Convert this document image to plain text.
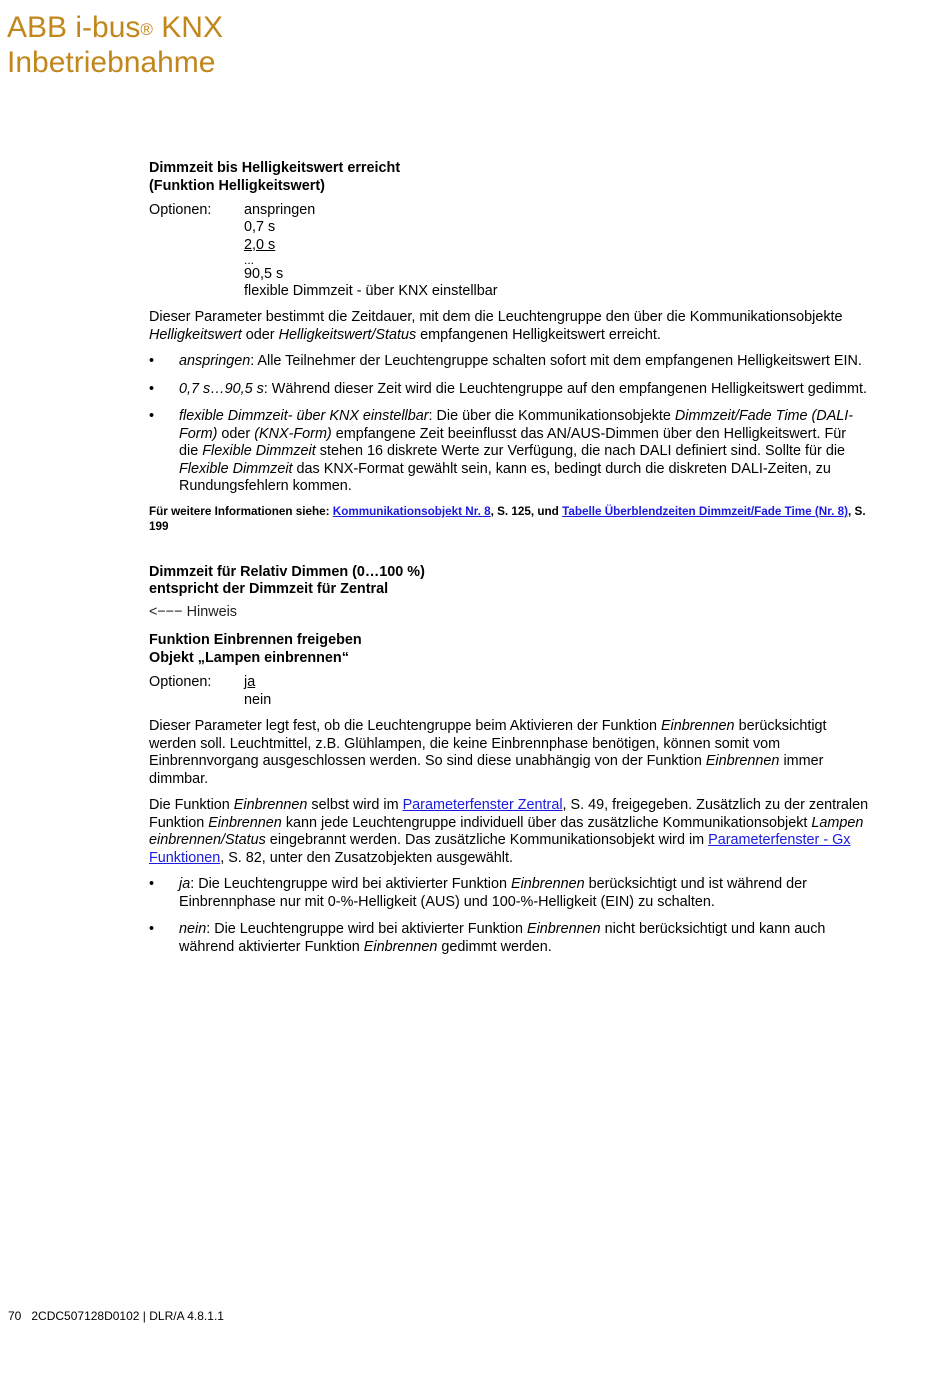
ABB i-bus® KNX
Inbetriebnahme
Dimmzeit bis Helligkeitswert erreicht
(Funktion Helligkeitswert)
Optionen:	anspringen
0,7 s
2,0 s
...
90,5 s
flexible Dimmzeit - über KNX einstellbar

Dieser Parameter bestimmt die Zeitdauer, mit dem die Leuchtengruppe den über die Kommunikationsobjekte Helligkeitswert oder Helligkeitswert/Status empfangenen Helligkeitswert erreicht.

• anspringen: Alle Teilnehmer der Leuchtengruppe schalten sofort mit dem empfangenen Helligkeitswert EIN.
• 0,7 s…90,5 s: Während dieser Zeit wird die Leuchtengruppe auf den empfangenen Helligkeitswert gedimmt.
• flexible Dimmzeit- über KNX einstellbar: Die über die Kommunikationsobjekte Dimmzeit/Fade Time (DALI-Form) oder (KNX-Form) empfangene Zeit beeinflusst das AN/AUS-Dimmen über den Helligkeitswert. Für die Flexible Dimmzeit stehen 16 diskrete Werte zur Verfügung, die nach DALI definiert sind. Sollte für die Flexible Dimmzeit das KNX-Format gewählt sein, kann es, bedingt durch die diskreten DALI-Zeiten, zu Rundungsfehlern kommen.
Für weitere Informationen siehe: Kommunikationsobjekt Nr. 8, S. 125, und Tabelle Überblendzeiten Dimmzeit/Fade Time (Nr. 8), S. 199
Dimmzeit für Relativ Dimmen (0…100 %)
entspricht der Dimmzeit für Zentral
<−−− Hinweis
Funktion Einbrennen freigeben
Objekt „Lampen einbrennen“
Optionen:	ja
nein

Dieser Parameter legt fest, ob die Leuchtengruppe beim Aktivieren der Funktion Einbrennen berücksichtigt werden soll. Leuchtmittel, z.B. Glühlampen, die keine Einbrennphase benötigen, können somit vom Einbrennvorgang ausgeschlossen werden. So sind diese unabhängig von der Funktion Einbrennen immer dimmbar.

Die Funktion Einbrennen selbst wird im Parameterfenster Zentral, S. 49, freigegeben. Zusätzlich zu der zentralen Funktion Einbrennen kann jede Leuchtengruppe individuell über das zusätzliche Kommunikationsobjekt Lampen einbrennen/Status eingebrannt werden. Das zusätzliche Kommunikationsobjekt wird im Parameterfenster - Gx Funktionen, S. 82, unter den Zusatzobjekten ausgewählt.

• ja: Die Leuchtengruppe wird bei aktivierter Funktion Einbrennen berücksichtigt und ist während der Einbrennphase nur mit 0-%-Helligkeit (AUS) und 100-%-Helligkeit (EIN) zu schalten.
• nein: Die Leuchtengruppe wird bei aktivierter Funktion Einbrennen nicht berücksichtigt und kann auch während aktivierter Funktion Einbrennen gedimmt werden.
70 2CDC507128D0102 | DLR/A 4.8.1.1
